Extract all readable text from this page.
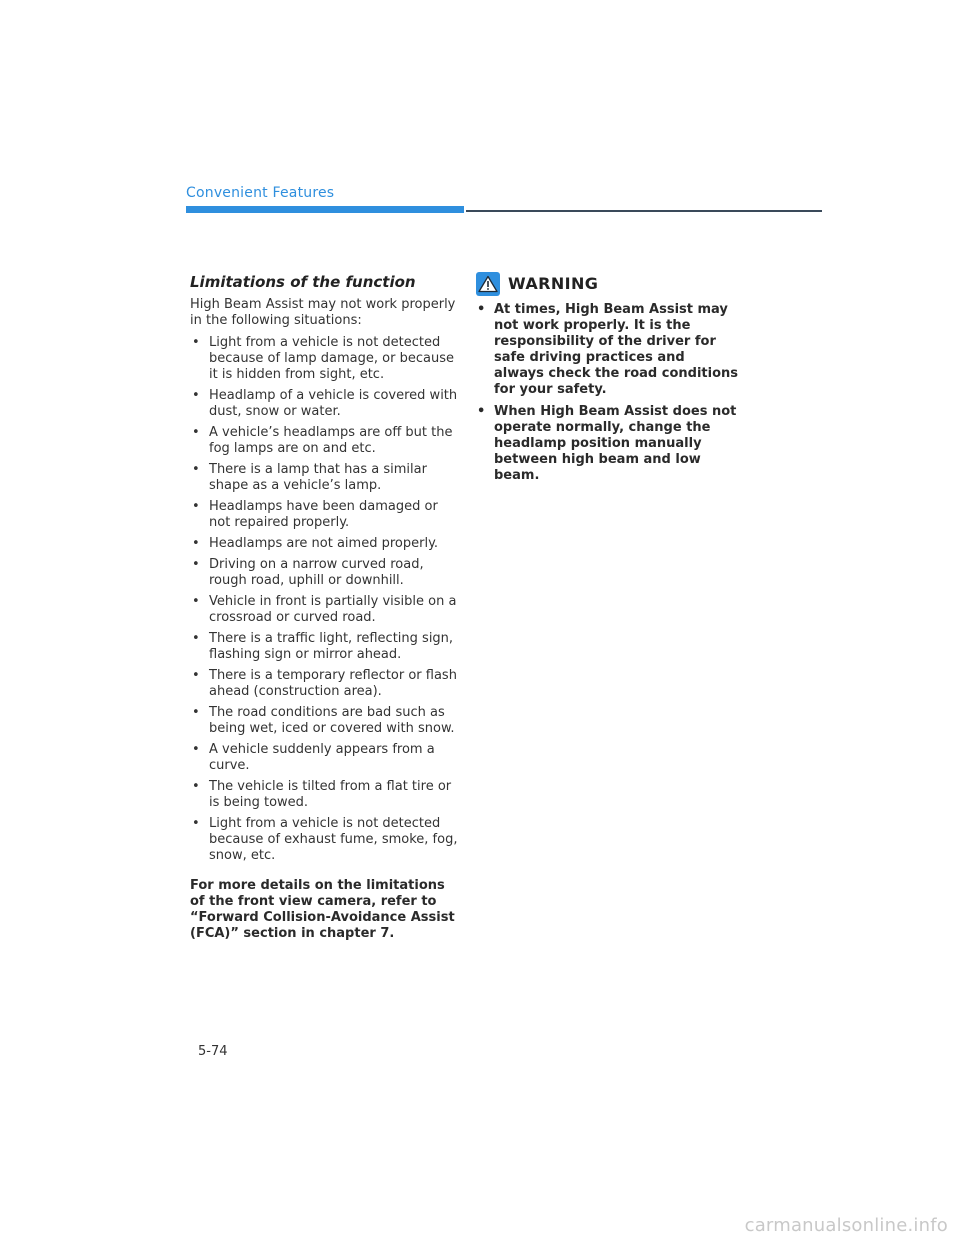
Convenient Features
Limitations of the function

High Beam Assist may not work properly in the following situations:

• Light from a vehicle is not detected because of lamp damage, or because it is hidden from sight, etc.
• Headlamp of a vehicle is covered with dust, snow or water.
• A vehicle’s headlamps are off but the fog lamps are on and etc.
• There is a lamp that has a similar shape as a vehicle’s lamp.
• Headlamps have been damaged or not repaired properly.
• Headlamps are not aimed properly.
• Driving on a narrow curved road, rough road, uphill or downhill.
• Vehicle in front is partially visible on a crossroad or curved road.
• There is a traffic light, reflecting sign, flashing sign or mirror ahead.
• There is a temporary reflector or flash ahead (construction area).
• The road conditions are bad such as being wet, iced or covered with snow.
• A vehicle suddenly appears from a curve.
• The vehicle is tilted from a flat tire or is being towed.
• Light from a vehicle is not detected because of exhaust fume, smoke, fog, snow, etc.

For more details on the limitations of the front view camera, refer to “Forward Collision-Avoidance Assist (FCA)” section in chapter 7.

WARNING
• At times, High Beam Assist may not work properly. It is the responsibility of the driver for safe driving practices and always check the road conditions for your safety.
• When High Beam Assist does not operate normally, change the headlamp position manually between high beam and low beam.
5-74
carmanualsonline.info
